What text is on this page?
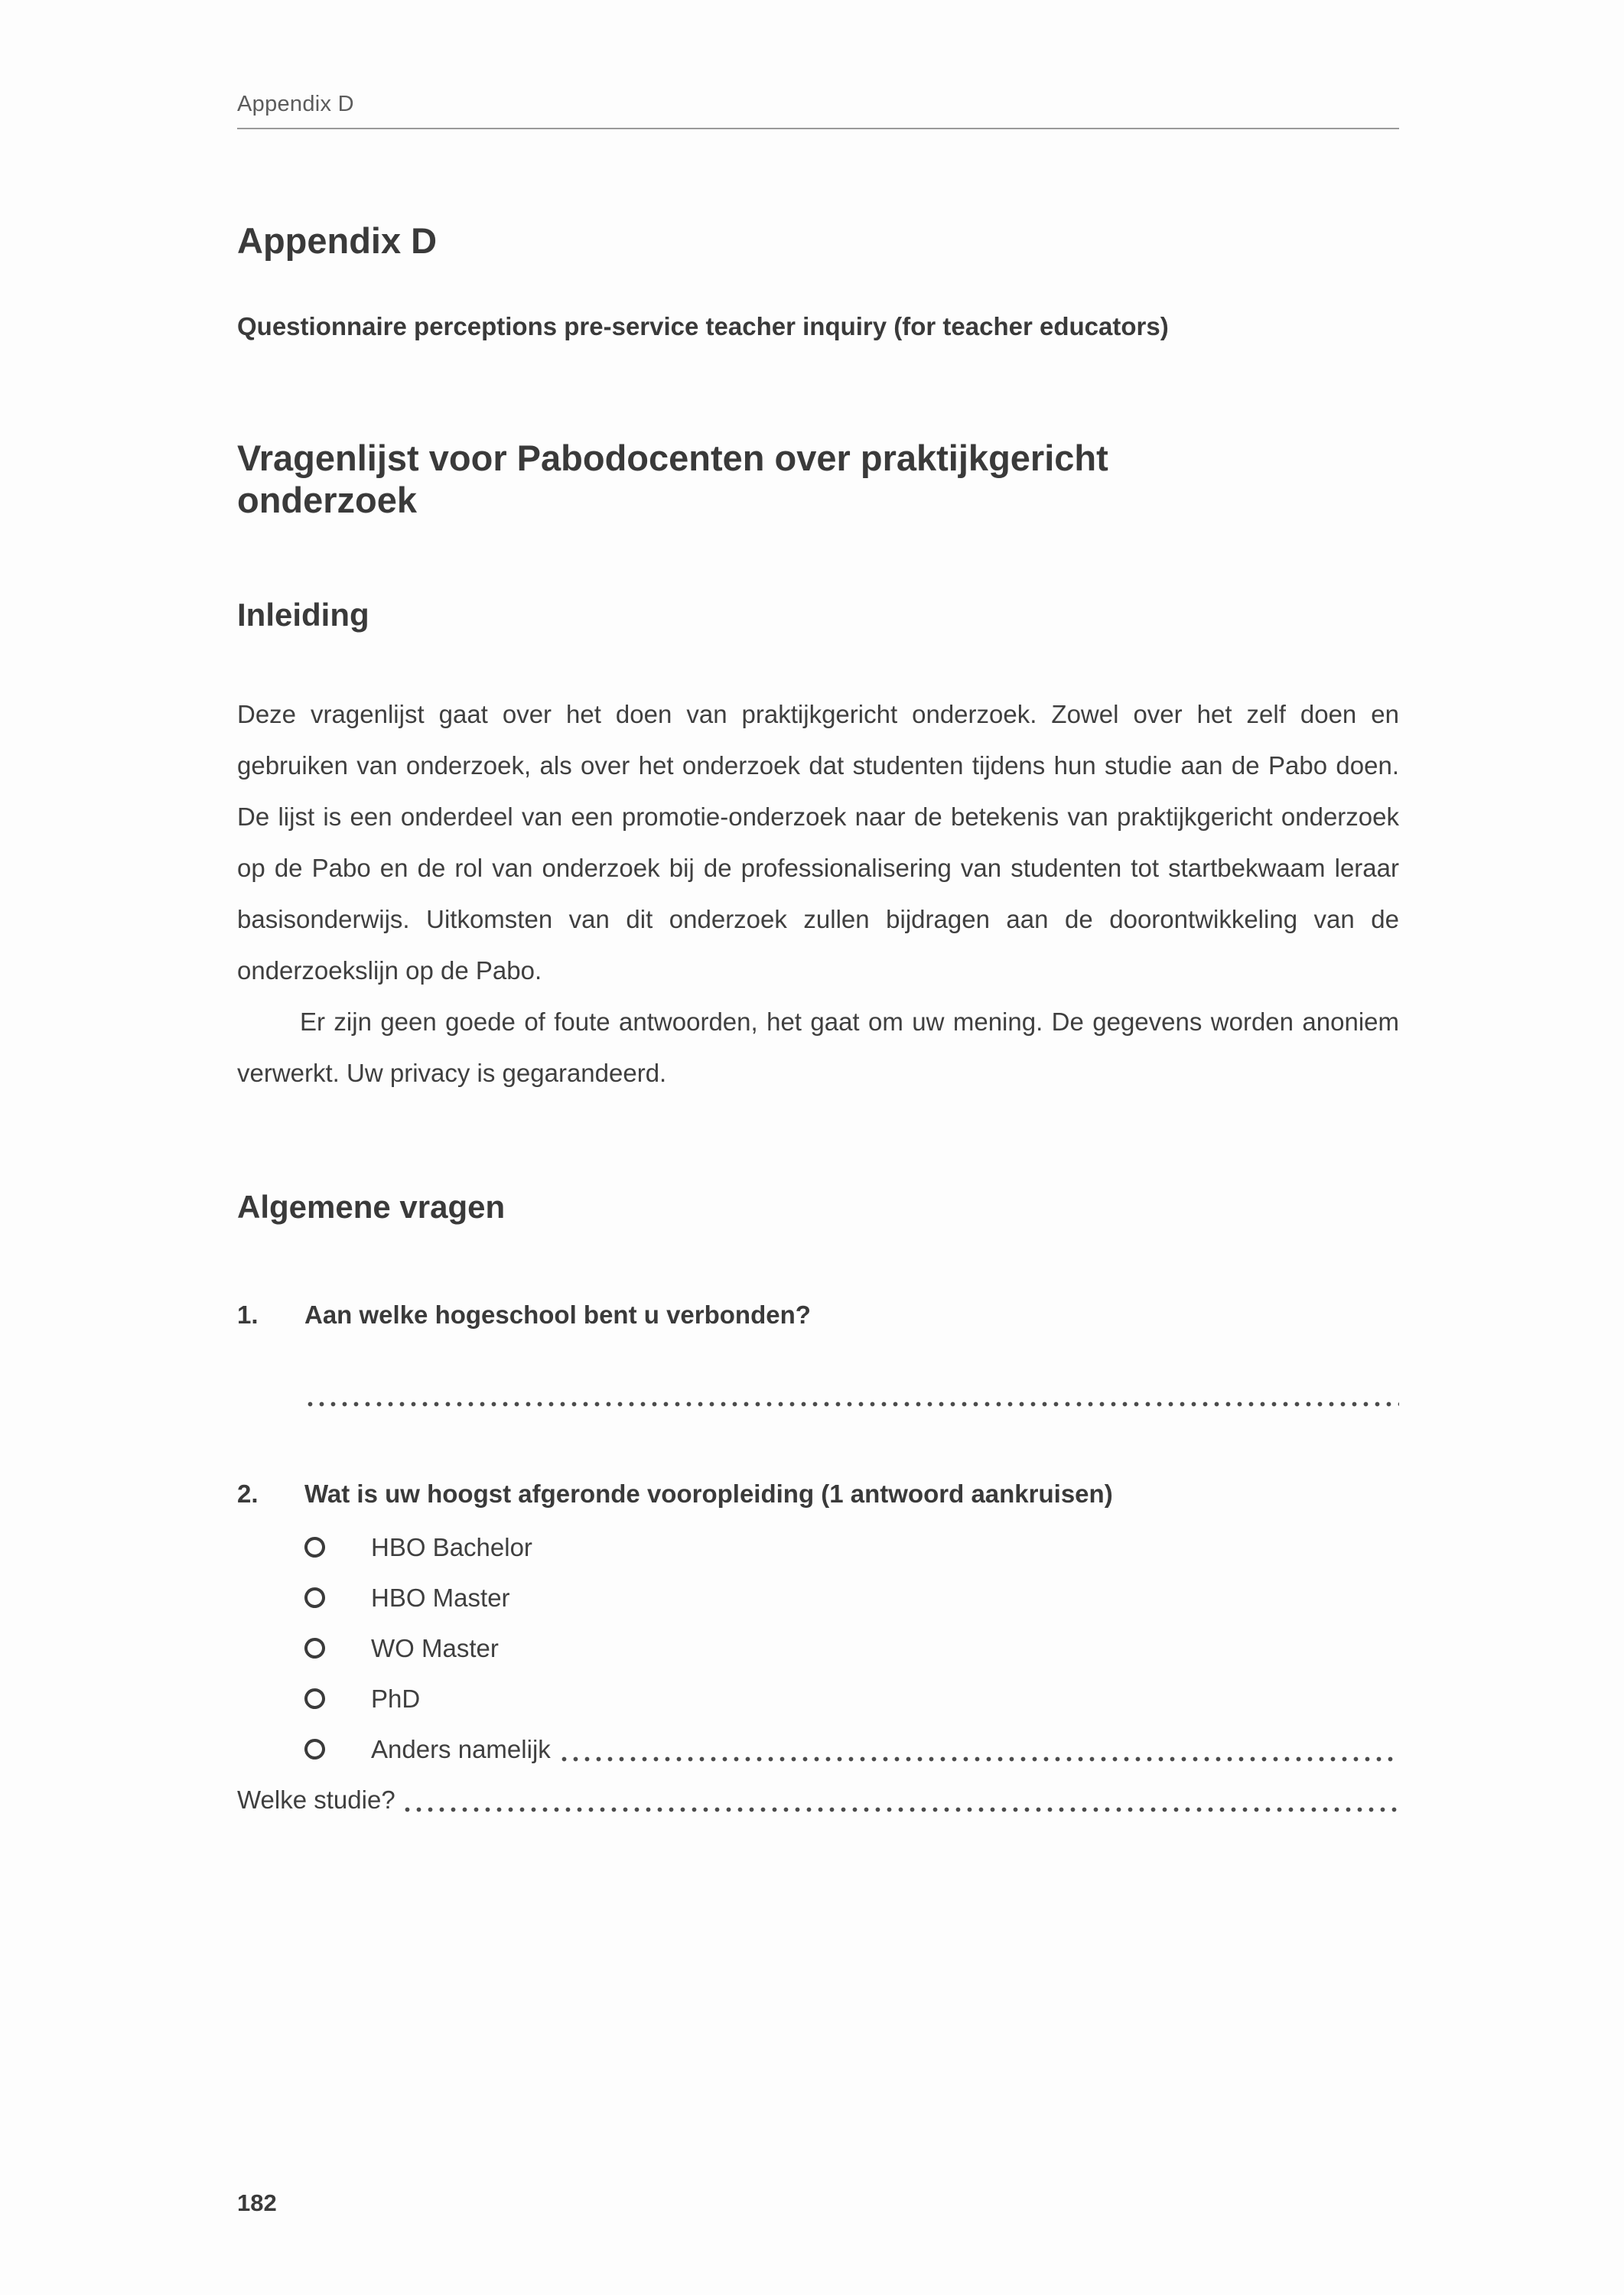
Appendix D
Appendix D

Questionnaire perceptions pre-service teacher inquiry (for teacher educators)

Vragenlijst voor Pabodocenten over praktijkgericht onderzoek
Inleiding

Deze vragenlijst gaat over het doen van praktijkgericht onderzoek. Zowel over het zelf doen en gebruiken van onderzoek, als over het onderzoek dat studenten tijdens hun studie aan de Pabo doen. De lijst is een onderdeel van een promotie-onderzoek naar de betekenis van praktijkgericht onderzoek op de Pabo en de rol van onderzoek bij de professionalisering van studenten tot startbekwaam leraar basisonderwijs. Uitkomsten van dit onderzoek zullen bijdragen aan de doorontwikkeling van de onderzoekslijn op de Pabo.

Er zijn geen goede of foute antwoorden, het gaat om uw mening. De gegevens worden anoniem verwerkt. Uw privacy is gegarandeerd.

Algemene vragen
1.	Aan welke hogeschool bent u verbonden?
2.	Wat is uw hoogst afgeronde vooropleiding (1 antwoord aankruisen)
HBO Bachelor
HBO Master
WO Master
PhD
Anders namelijk
Welke studie?
182
